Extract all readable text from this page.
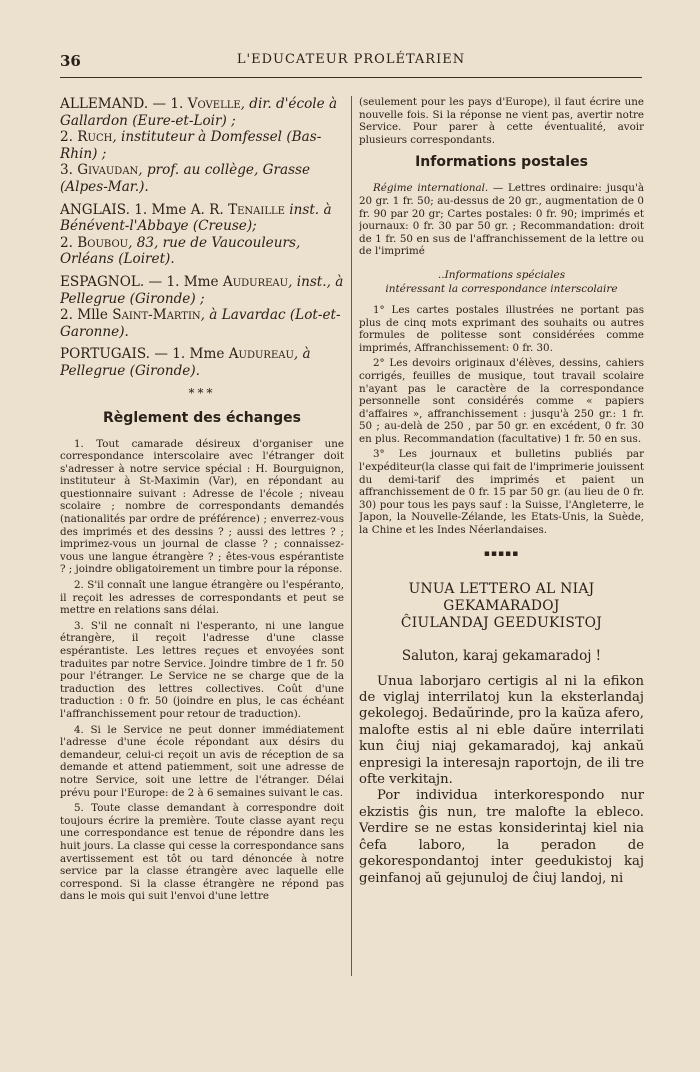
36	L'EDUCATEUR PROLÉTARIEN

ALLEMAND. — 1. Vovelle, dir. d'école à Gallardon (Eure-et-Loir) ;

2. Ruch, instituteur à Domfessel (Bas-Rhin) ;

3. Givaudan, prof. au collège, Grasse (Alpes-Mar.).

ANGLAIS. 1. Mme A. R. Tenaille inst. à Bénévent-l'Abbaye (Creuse);

2. Boubou, 83, rue de Vaucouleurs, Orléans (Loiret).

ESPAGNOL. — 1. Mme Audureau, inst., à Pellegrue (Gironde) ;

2. Mlle Saint-Martin, à Lavardac (Lot-et-Garonne).

PORTUGAIS. — 1. Mme Audureau, à Pellegrue (Gironde).

***
Règlement des échanges

1. Tout camarade désireux d'organiser une correspondance interscolaire avec l'étranger doit s'adresser à notre service spécial : H. Bourguignon, instituteur à St-Maximin (Var), en répondant au questionnaire suivant : Adresse de l'école ; niveau scolaire ; nombre de correspondants demandés (nationalités par ordre de préférence) ; enverrez-vous des imprimés et des dessins ? ; aussi des lettres ? ; imprimez-vous un journal de classe ? ; connaissez-vous une langue étrangère ? ; êtes-vous espérantiste ? ; joindre obligatoirement un timbre pour la réponse.

2. S'il connaît une langue étrangère ou l'espéranto, il reçoit les adresses de correspondants et peut se mettre en relations sans délai.

3. S'il ne connaît ni l'esperanto, ni une langue étrangère, il reçoit l'adresse d'une classe espérantiste. Les lettres reçues et envoyées sont traduites par notre Service. Joindre timbre de 1 fr. 50 pour l'étranger. Le Service ne se charge que de la traduction des lettres collectives. Coût d'une traduction : 0 fr. 50 (joindre en plus, le cas échéant l'affranchissement pour retour de traduction).

4. Si le Service ne peut donner immédiatement l'adresse d'une école répondant aux désirs du demandeur, celui-ci reçoit un avis de réception de sa demande et attend patiemment, soit une adresse de notre Service, soit une lettre de l'étranger. Délai prévu pour l'Europe: de 2 à 6 semaines suivant le cas.

5. Toute classe demandant à correspondre doit toujours écrire la première. Toute classe ayant reçu une correspondance est tenue de répondre dans les huit jours. La classe qui cesse la correspondance sans avertissement est tôt ou tard dénoncée à notre service par la classe étrangère avec laquelle elle correspond. Si la classe étrangère ne répond pas dans le mois qui suit l'envoi d'une lettre

(seulement pour les pays d'Europe), il faut écrire une nouvelle fois. Si la réponse ne vient pas, avertir notre Service. Pour parer à cette éventualité, avoir plusieurs correspondants.

Informations postales

Régime international. — Lettres ordinaire: jusqu'à 20 gr. 1 fr. 50; au-dessus de 20 gr., augmentation de 0 fr. 90 par 20 gr; Cartes postales: 0 fr. 90; imprimés et journaux: 0 fr. 30 par 50 gr. ; Recommandation: droit de 1 fr. 50 en sus de l'affranchissement de la lettre ou de l'imprimé

..Informations spéciales
intéressant la correspondance interscolaire

1° Les cartes postales illustrées ne portant pas plus de cinq mots exprimant des souhaits ou autres formules de politesse sont considérées comme imprimés, Affranchissement: 0 fr. 30.

2° Les devoirs originaux d'élèves, dessins, cahiers corrigés, feuilles de musique, tout travail scolaire n'ayant pas le caractère de la correspondance personnelle sont considérés comme « papiers d'affaires », affranchissement : jusqu'à 250 gr.: 1 fr. 50 ; au-delà de 250 , par 50 gr. en excédent, 0 fr. 30 en plus. Recommandation (facultative) 1 fr. 50 en sus.

3° Les journaux et bulletins publiés par l'expéditeur(la classe qui fait de l'imprimerie jouissent du demi-tarif des imprimés et paient un affranchissement de 0 fr. 15 par 50 gr. (au lieu de 0 fr. 30) pour tous les pays sauf : la Suisse, l'Angleterre, le Japon, la Nouvelle-Zélande, les Etats-Unis, la Suède, la Chine et les Indes Néerlandaises.

▪▪▪▪▪
UNUA LETTERO AL NIAJ
GEKAMARADOJ
ĈIULANDAJ GEEDUKISTOJ
Saluton, karaj gekamaradoj !

Unua laborjaro certigis al ni la efikon de viglaj interrilatoj kun la eksterlandaj gekolegoj. Bedaŭrinde, pro la kaŭza afero, malofte estis al ni eble daŭre interrilati kun ĉiuj niaj gekamaradoj, kaj ankaŭ enpresigi la interesajn raportojn, de ili tre ofte verkitajn.

Por individua interkorespondo nur ekzistis ĝis nun, tre malofte la ebleco. Verdire se ne estas konsiderintaj kiel nia ĉefa laboro, la peradon de gekorespondantoj inter geedukistoj kaj geinfanoj aŭ gejunuloj de ĉiuj landoj, ni
